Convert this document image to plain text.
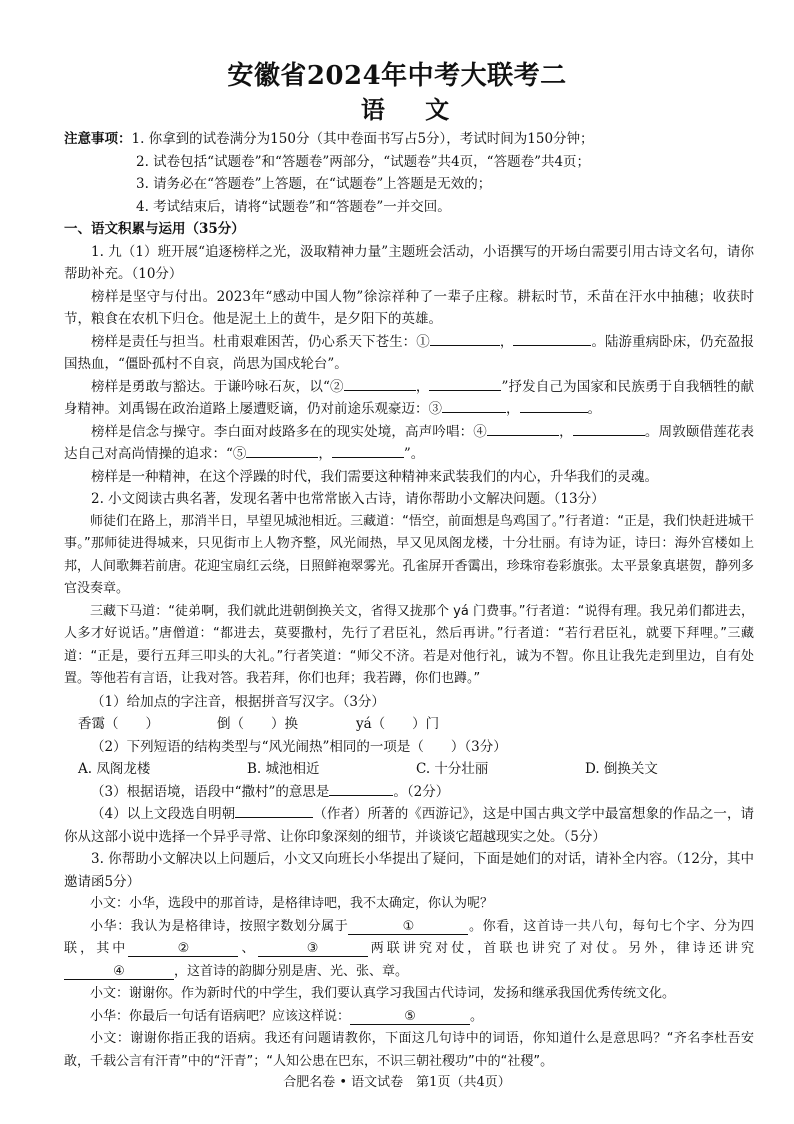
安徽省2024年中考大联考二
语 文

注意事项：1. 你拿到的试卷满分为150分（其中卷面书写占5分），考试时间为150分钟；

2. 试卷包括“试题卷”和“答题卷”两部分，“试题卷”共4页，“答题卷”共4页；

3. 请务必在“答题卷”上答题，在“试题卷”上答题是无效的；

4. 考试结束后，请将“试题卷”和“答题卷”一并交回。

一、语文积累与运用（35分）

1. 九（1）班开展“追逐榜样之光，汲取精神力量”主题班会活动，小语撰写的开场白需要引用古诗文名句，请你帮助补充。（10分）

榜样是坚守与付出。2023年“感动中国人物”徐淙祥种了一辈子庄稼。耕耘时节，禾苗在汗水中抽穗；收获时节，粮食在农机下归仓。他是泥土上的黄牛，是夕阳下的英雄。

榜样是责任与担当。杜甫艰难困苦，仍心系天下苍生：①	，	。陆游重病卧床，仍充盈报国热血，“僵卧孤村不自哀，尚思为国戍轮台”。

榜样是勇敢与豁达。于谦吟咏石灰，以“②	，	”抒发自己为国家和民族勇于自我牺牲的献身精神。刘禹锡在政治道路上屡遭贬谪，仍对前途乐观豪迈：③	，	。

榜样是信念与操守。李白面对歧路多在的现实处境，高声吟唱：④	，	。周敦颐借莲花表达自己对高尚情操的追求：“⑤	，	”。

榜样是一种精神，在这个浮躁的时代，我们需要这种精神来武装我们的内心，升华我们的灵魂。

2. 小文阅读古典名著，发现名著中也常常嵌入古诗，请你帮助小文解决问题。（13分）

师徒们在路上，那消半日，早望见城池相近。三藏道：“悟空，前面想是鸟鸡国了。”行者道：“正是，我们快赶进城干事。”那师徒进得城来，只见街市上人物齐整，风光闹热，早又见凤阁龙楼，十分壮丽。有诗为证，诗曰：海外宫楼如上邦，人间歌舞若前唐。花迎宝扇红云绕，日照鲜袍翠雾光。孔雀屏开香霭出，珍珠帘卷彩旗张。太平景象真堪贺，静列多官没奏章。

三藏下马道：“徒弟啊，我们就此进朝倒换关文，省得又拢那个 yá 门费事。”行者道：“说得有理。我兄弟们都进去，人多才好说话。”唐僧道：“都进去，莫要撒村，先行了君臣礼，然后再讲。”行者道：“若行君臣礼，就要下拜哩。”三藏道：“正是，要行五拜三叩头的大礼。”行者笑道：“师父不济。若是对他行礼，诚为不智。你且让我先走到里边，自有处置。等他若有言语，让我对答。我若拜，你们也拜；我若蹲，你们也蹲。”

（1）给加点的字注音，根据拼音写汉字。（3分）

香霭（　　）	倒（　　）换	yá（　　）门

（2）下列短语的结构类型与“风光闹热”相同的一项是（　　）（3分）

A. 凤阁龙楼	B. 城池相近	C. 十分壮丽	D. 倒换关文

（3）根据语境，语段中“撒村”的意思是	。（2分）

（4）以上文段选自明朝	（作者）所著的《西游记》，这是中国古典文学中最富想象的作品之一，请你从这部小说中选择一个异乎寻常、让你印象深刻的细节，并谈谈它超越现实之处。（5分）

3. 你帮助小文解决以上问题后，小文又向班长小华提出了疑问，下面是她们的对话，请补全内容。（12分，其中邀请函5分）

小文：小华，选段中的那首诗，是格律诗吧，我不太确定，你认为呢？

小华：我认为是格律诗，按照字数划分属于	①	。你看，这首诗一共八句，每句七个字、分为四联，其中	②	、	③	两联讲究对仗，首联也讲究了对仗。另外，律诗还讲究④	，这首诗的韵脚分别是唐、光、张、章。

小文：谢谢你。作为新时代的中学生，我们要认真学习我国古代诗词，发扬和继承我国优秀传统文化。

小华：你最后一句话有语病吧？应该这样说：	⑤	。

小文：谢谢你指正我的语病。我还有问题请教你，下面这几句诗中的词语，你知道什么是意思吗？“齐名李杜吾安敢，千载公言有汗青”中的“汗青”；“人知公患在巴东，不识三朝社稷功”中的“社稷”。

合肥名卷 • 语文试卷　第1页（共4页）
